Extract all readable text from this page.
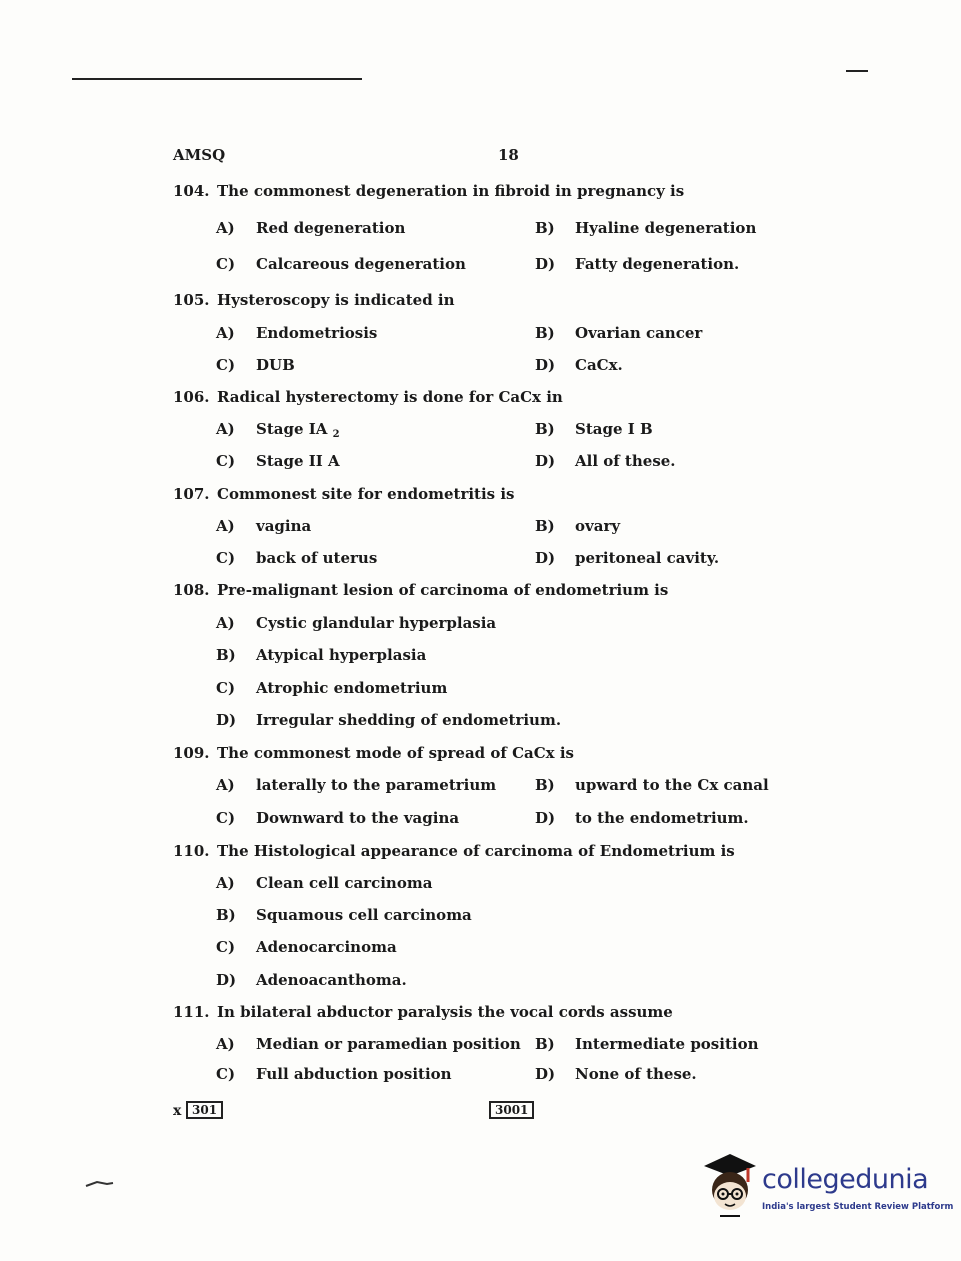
AMSQ	18
104. The commonest degeneration in fibroid in pregnancy is
A) Red degeneration	B) Hyaline degeneration
C) Calcareous degeneration	D) Fatty degeneration.
105. Hysteroscopy is indicated in
A) Endometriosis	B) Ovarian cancer
C) DUB	D) CaCx.
106. Radical hysterectomy is done for CaCx in
A) Stage IA $_2$	B) Stage I B
C) Stage II A	D) All of these.
107. Commonest site for endometritis is
A) vagina	B) ovary
C) back of uterus	D) peritoneal cavity.
108. Pre-malignant lesion of carcinoma of endometrium is
A) Cystic glandular hyperplasia
B) Atypical hyperplasia
C) Atrophic endometrium
D) Irregular shedding of endometrium.
109. The commonest mode of spread of CaCx is
A) laterally to the parametrium	B) upward to the Cx canal
C) Downward to the vagina	D) to the endometrium.
110. The Histological appearance of carcinoma of Endometrium is
A) Clean cell carcinoma
B) Squamous cell carcinoma
C) Adenocarcinoma
D) Adenoacanthoma.
111. In bilateral abductor paralysis the vocal cords assume
A) Median or paramedian position B) Intermediate position
C) Full abduction position	D) None of these.
x 301	3001
collegedunia
India's largest Student Review Platform
